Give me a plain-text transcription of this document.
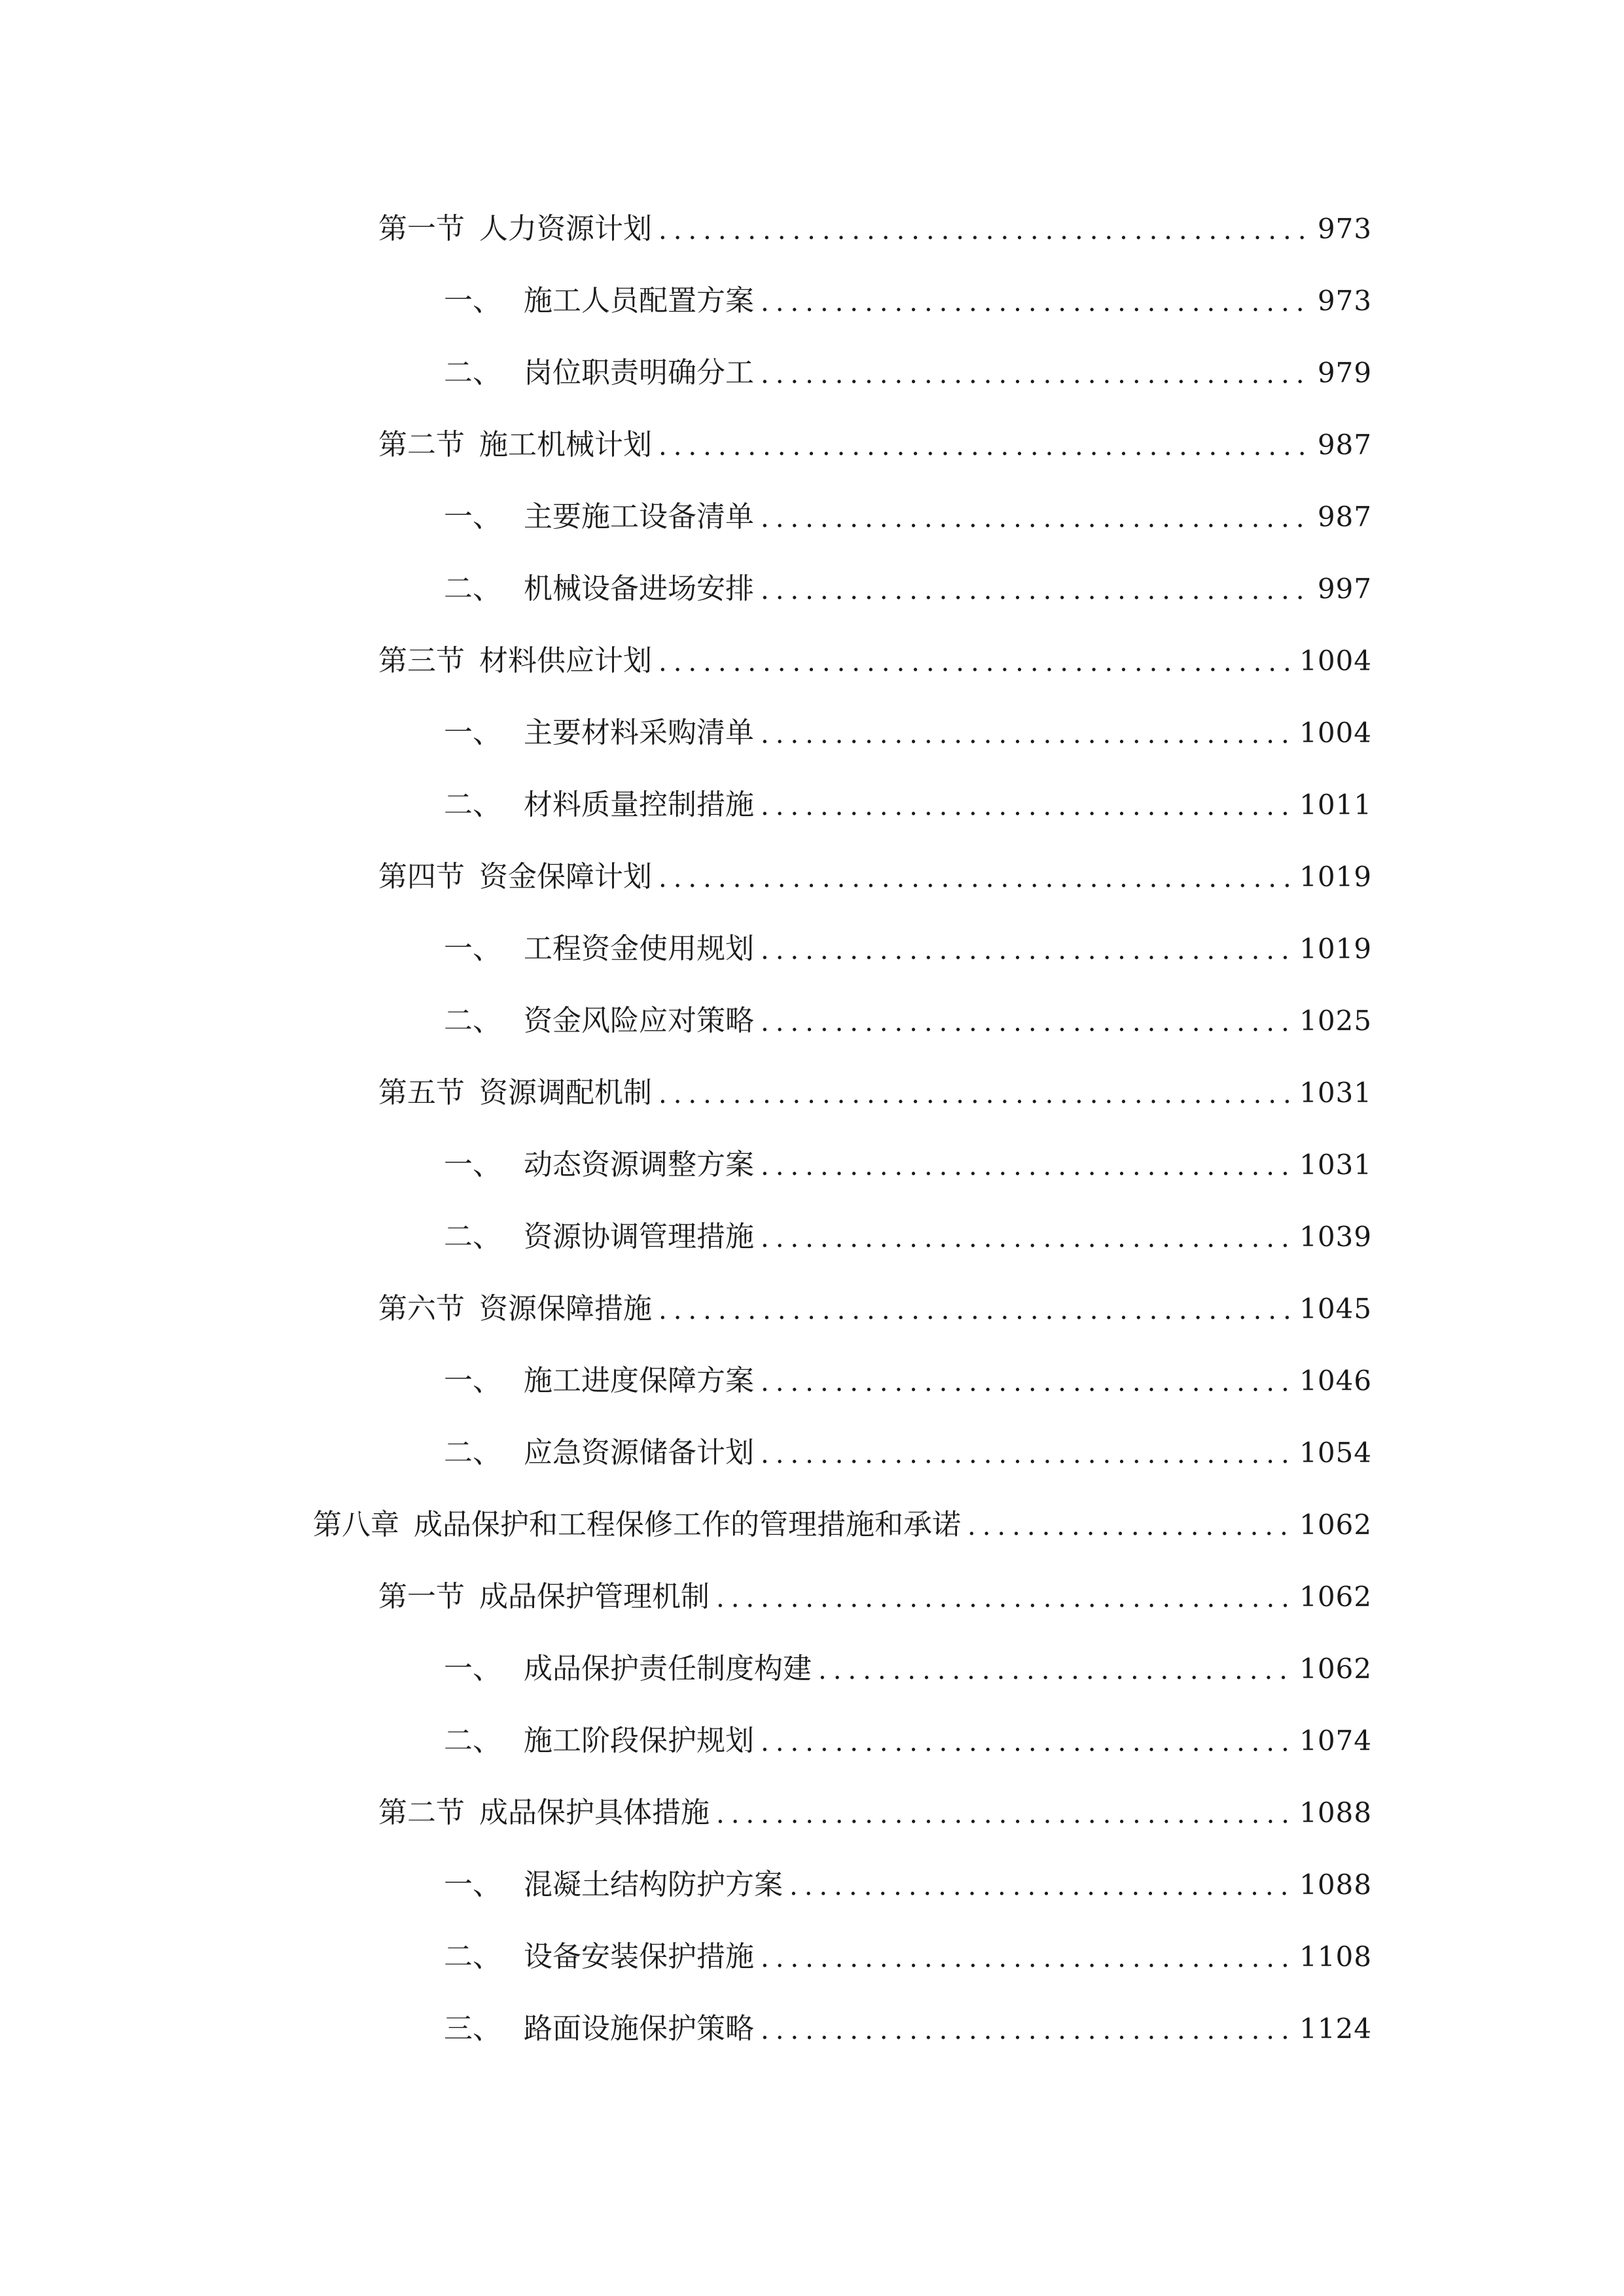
第一节 人力资源计划 .....	973
一、 施工人员配置方案 .....	973
二、 岗位职责明确分工 .....	979
第二节 施工机械计划 .....	987
一、 主要施工设备清单 .....	987
二、 机械设备进场安排 .....	997
第三节 材料供应计划 .....	1004
一、 主要材料采购清单 .....	1004
二、 材料质量控制措施 .....	1011
第四节 资金保障计划 .....	1019
一、 工程资金使用规划 .....	1019
二、 资金风险应对策略 .....	1025
第五节 资源调配机制 .....	1031
一、 动态资源调整方案 .....	1031
二、 资源协调管理措施 .....	1039
第六节 资源保障措施 .....	1045
一、 施工进度保障方案 .....	1046
二、 应急资源储备计划 .....	1054
第八章 成品保护和工程保修工作的管理措施和承诺 .....	1062
第一节 成品保护管理机制 .....	1062
一、 成品保护责任制度构建 .....	1062
二、 施工阶段保护规划 .....	1074
第二节 成品保护具体措施 .....	1088
一、 混凝土结构防护方案 .....	1088
二、 设备安装保护措施 .....	1108
三、 路面设施保护策略 .....	1124
